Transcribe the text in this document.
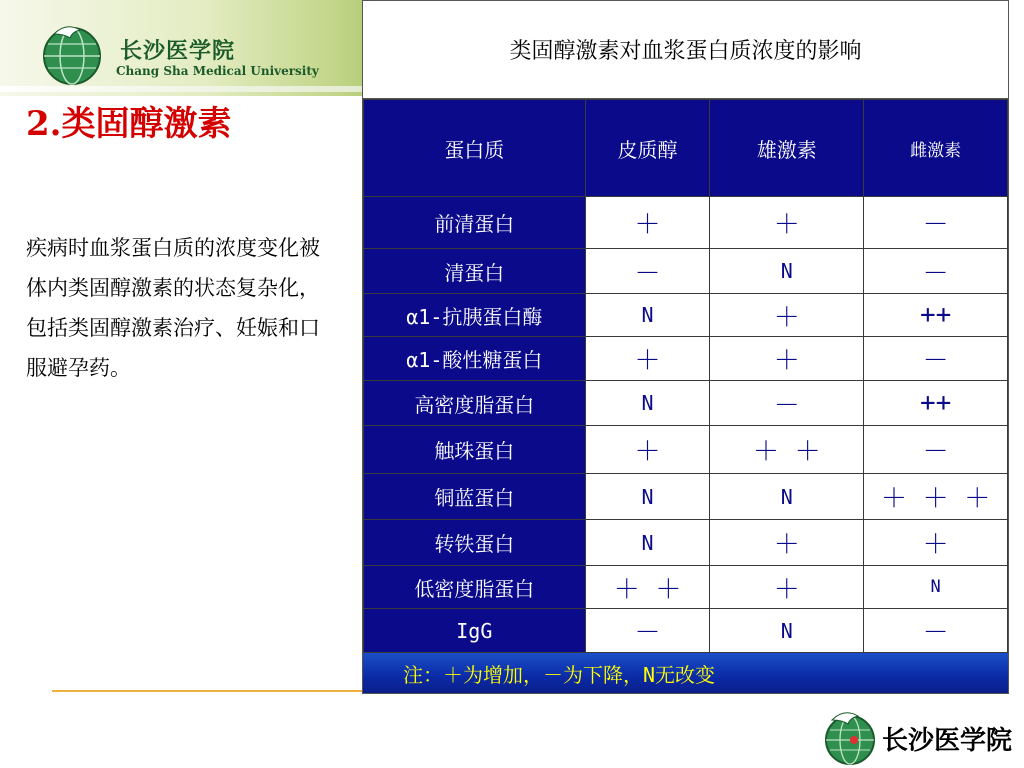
长沙医学院
Chang Sha Medical University
2.类固醇激素
疾病时血浆蛋白质的浓度变化被体内类固醇激素的状态复杂化，包括类固醇激素治疗、妊娠和口服避孕药。
类固醇激素对血浆蛋白质浓度的影响
蛋白质	皮质醇	雄激素	雌激素
前清蛋白	＋	＋	－
清蛋白	－	N	－
α1-抗胰蛋白酶	N	＋	++
α1-酸性糖蛋白	＋	＋	－
高密度脂蛋白	N	－	++
触珠蛋白	＋	＋ ＋	－
铜蓝蛋白	N	N	＋ ＋ ＋
转铁蛋白	N	＋	＋
低密度脂蛋白	＋ ＋	＋	N
IgG	－	N	－
注：＋为增加，－为下降，N无改变
长沙医学院
